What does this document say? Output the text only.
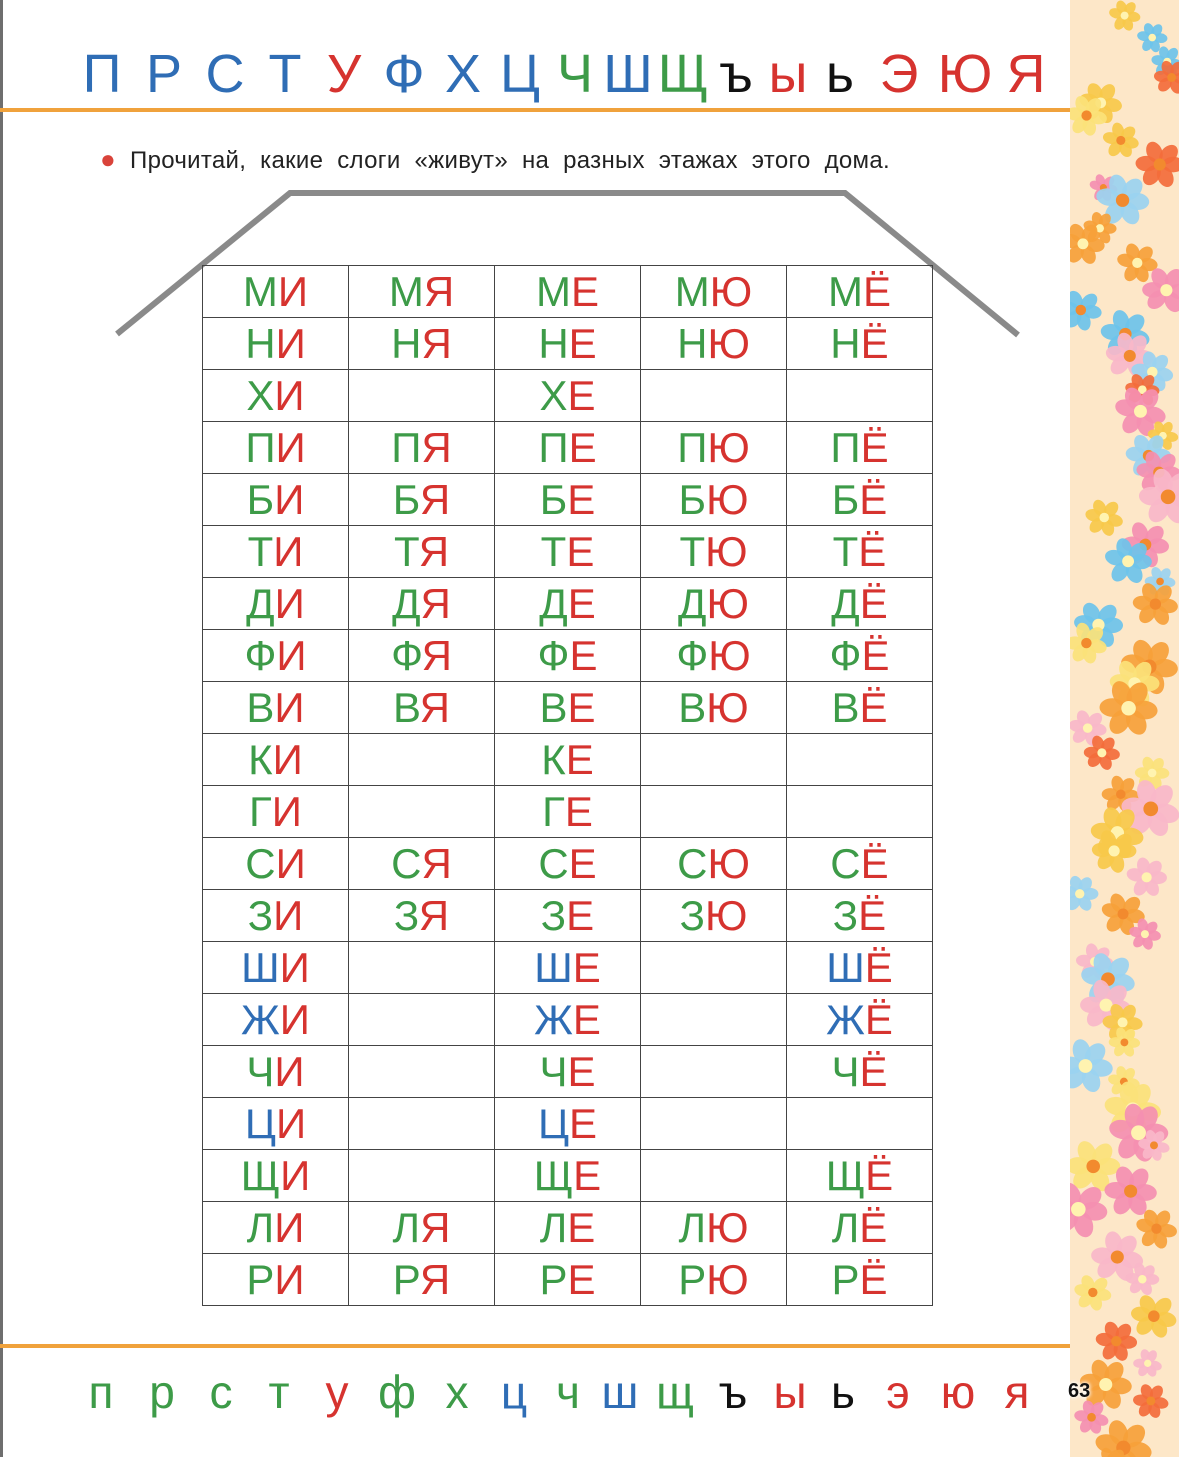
П Р С Т У Ф Х Ц Ч Ш Щ ъ ы ь Э Ю Я
● Прочитай, какие слоги «живут» на разных этажах этого дома.
МИ	МЯ	МЕ	МЮ	МЁ
НИ	НЯ	НЕ	НЮ	НЁ
ХИ		ХЕ		
ПИ	ПЯ	ПЕ	ПЮ	ПЁ
БИ	БЯ	БЕ	БЮ	БЁ
ТИ	ТЯ	ТЕ	ТЮ	ТЁ
ДИ	ДЯ	ДЕ	ДЮ	ДЁ
ФИ	ФЯ	ФЕ	ФЮ	ФЁ
ВИ	ВЯ	ВЕ	ВЮ	ВЁ
КИ		КЕ		
ГИ		ГЕ		
СИ	СЯ	СЕ	СЮ	СЁ
ЗИ	ЗЯ	ЗЕ	ЗЮ	ЗЁ
ШИ		ШЕ		ШЁ
ЖИ		ЖЕ		ЖЁ
ЧИ		ЧЕ		ЧЁ
ЦИ		ЦЕ		
ЩИ		ЩЕ		ЩЁ
ЛИ	ЛЯ	ЛЕ	ЛЮ	ЛЁ
РИ	РЯ	РЕ	РЮ	РЁ
п р с т у ф х ц ч ш щ ъ ы ь э ю я	63
